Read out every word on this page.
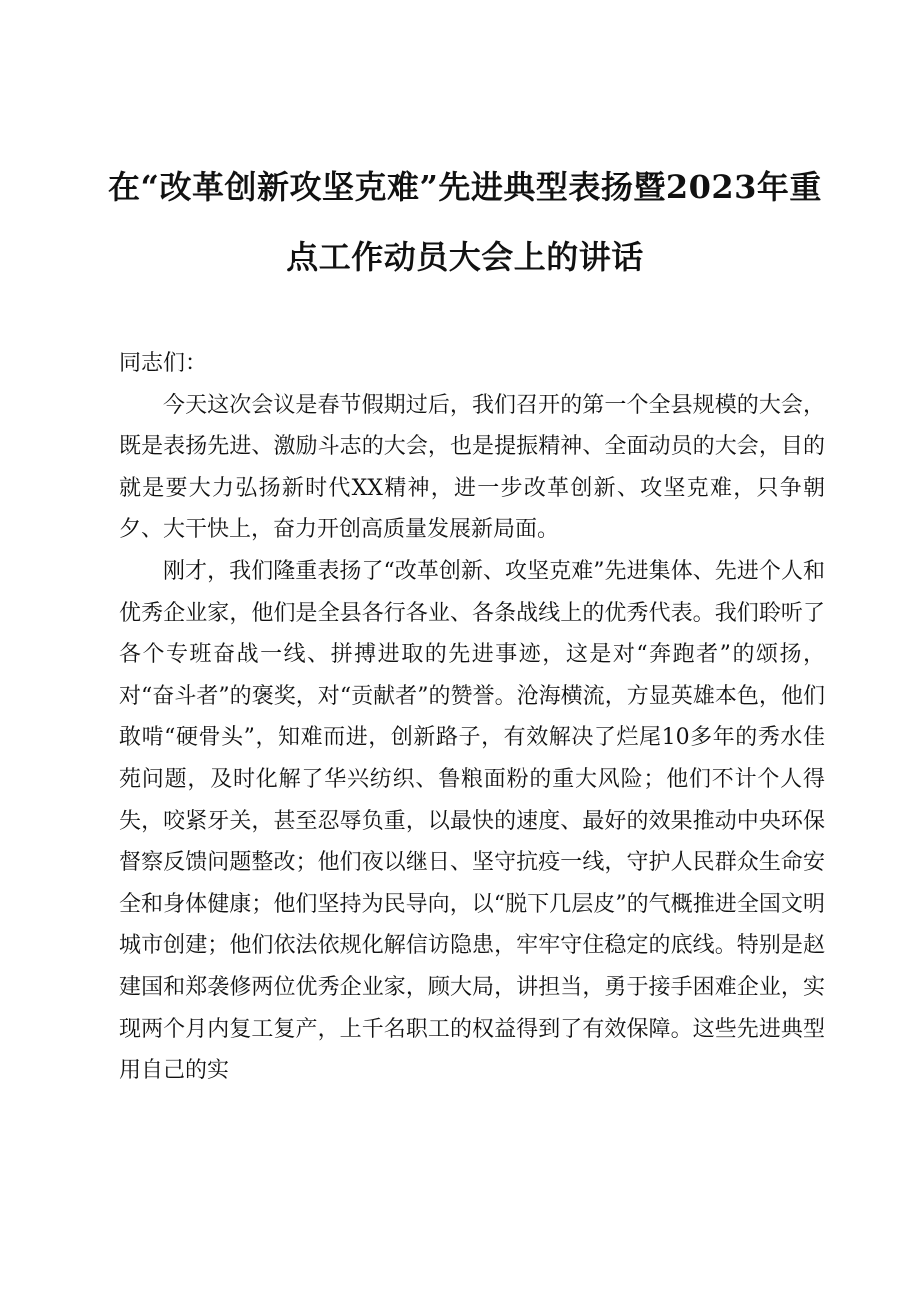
在“改革创新攻坚克难”先进典型表扬暨2023年重点工作动员大会上的讲话

同志们：

今天这次会议是春节假期过后，我们召开的第一个全县规模的大会，既是表扬先进、激励斗志的大会，也是提振精神、全面动员的大会，目的就是要大力弘扬新时代XX精神，进一步改革创新、攻坚克难，只争朝夕、大干快上，奋力开创高质量发展新局面。

刚才，我们隆重表扬了“改革创新、攻坚克难”先进集体、先进个人和优秀企业家，他们是全县各行各业、各条战线上的优秀代表。我们聆听了各个专班奋战一线、拼搏进取的先进事迹，这是对“奔跑者”的颂扬，对“奋斗者”的褒奖，对“贡献者”的赞誉。沧海横流，方显英雄本色，他们敢啃“硬骨头”，知难而进，创新路子，有效解决了烂尾10多年的秀水佳苑问题，及时化解了华兴纺织、鲁粮面粉的重大风险；他们不计个人得失，咬紧牙关，甚至忍辱负重，以最快的速度、最好的效果推动中央环保督察反馈问题整改；他们夜以继日、坚守抗疫一线，守护人民群众生命安全和身体健康；他们坚持为民导向，以“脱下几层皮”的气概推进全国文明城市创建；他们依法依规化解信访隐患，牢牢守住稳定的底线。特别是赵建国和郑袭修两位优秀企业家，顾大局，讲担当，勇于接手困难企业，实现两个月内复工复产，上千名职工的权益得到了有效保障。这些先进典型用自己的实
